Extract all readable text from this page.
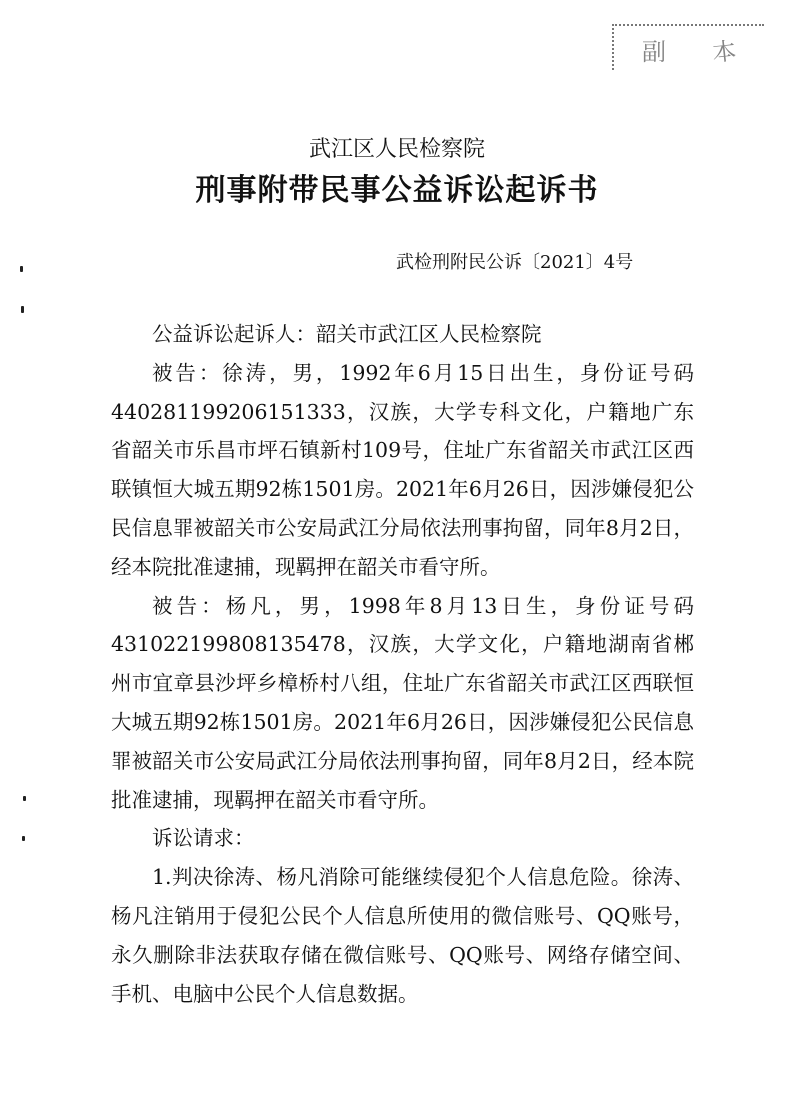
副 本
武江区人民检察院
刑事附带民事公益诉讼起诉书
武检刑附民公诉〔2021〕4号

公益诉讼起诉人：韶关市武江区人民检察院

被告：徐涛，男，1992年6月15日出生，身份证号码440281199206151333，汉族，大学专科文化，户籍地广东省韶关市乐昌市坪石镇新村109号，住址广东省韶关市武江区西联镇恒大城五期92栋1501房。2021年6月26日，因涉嫌侵犯公民信息罪被韶关市公安局武江分局依法刑事拘留，同年8月2日，经本院批准逮捕，现羁押在韶关市看守所。

被告：杨凡，男，1998年8月13日生，身份证号码431022199808135478，汉族，大学文化，户籍地湖南省郴州市宜章县沙坪乡樟桥村八组，住址广东省韶关市武江区西联恒大城五期92栋1501房。2021年6月26日，因涉嫌侵犯公民信息罪被韶关市公安局武江分局依法刑事拘留，同年8月2日，经本院批准逮捕，现羁押在韶关市看守所。

诉讼请求：

1.判决徐涛、杨凡消除可能继续侵犯个人信息危险。徐涛、杨凡注销用于侵犯公民个人信息所使用的微信账号、QQ账号，永久删除非法获取存储在微信账号、QQ账号、网络存储空间、手机、电脑中公民个人信息数据。
